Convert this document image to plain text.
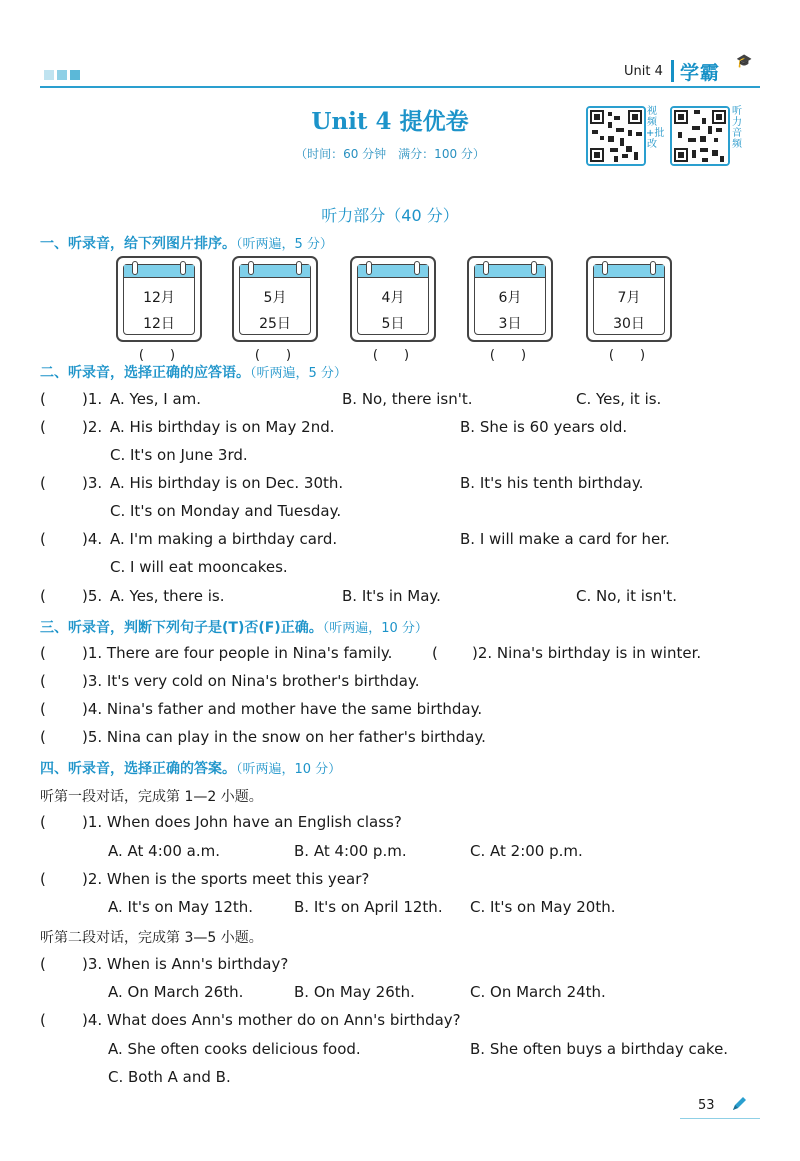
Unit 4 学霸
🎓
Unit 4 提优卷
（时间：60 分钟　满分：100 分）
视频+批改
听力音频
听力部分（40 分）
一、听录音，给下列图片排序。（听两遍，5 分）
12月
12日
5月
25日
4月
5日
6月
3日
7月
30日
(　　)	(　　)	(　　)	(　　)	(　　)
二、听录音，选择正确的应答语。（听两遍，5 分）
( )1. A. Yes, I am.	B. No, there isn't.	C. Yes, it is.
( )2. A. His birthday is on May 2nd.	B. She is 60 years old.
C. It's on June 3rd.
( )3. A. His birthday is on Dec. 30th.	B. It's his tenth birthday.
C. It's on Monday and Tuesday.
( )4. A. I'm making a birthday card.	B. I will make a card for her.
C. I will eat mooncakes.
( )5. A. Yes, there is.	B. It's in May.	C. No, it isn't.
三、听录音，判断下列句子是(T)否(F)正确。（听两遍，10 分）
( )1. There are four people in Nina's family.	( )2. Nina's birthday is in winter.
( )3. It's very cold on Nina's brother's birthday.
( )4. Nina's father and mother have the same birthday.
( )5. Nina can play in the snow on her father's birthday.
四、听录音，选择正确的答案。（听两遍，10 分）
听第一段对话，完成第 1—2 小题。
( )1. When does John have an English class?
A. At 4:00 a.m.	B. At 4:00 p.m.	C. At 2:00 p.m.
( )2. When is the sports meet this year?
A. It's on May 12th.	B. It's on April 12th. C. It's on May 20th.
听第二段对话，完成第 3—5 小题。
( )3. When is Ann's birthday?
A. On March 26th.	B. On May 26th.	C. On March 24th.
( )4. What does Ann's mother do on Ann's birthday?
A. She often cooks delicious food.	B. She often buys a birthday cake.
C. Both A and B.
53
